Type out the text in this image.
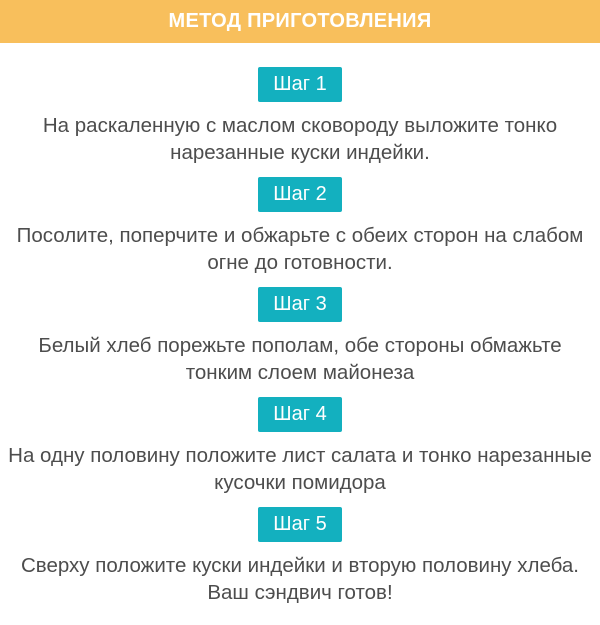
МЕТОД ПРИГОТОВЛЕНИЯ
Шаг 1
На раскаленную с маслом сковороду выложите тонко нарезанные куски индейки.
Шаг 2
Посолите, поперчите и обжарьте с обеих сторон на слабом огне до готовности.
Шаг 3
Белый хлеб порежьте пополам, обе стороны обмажьте тонким слоем майонеза
Шаг 4
На одну половину положите лист салата и тонко нарезанные кусочки помидора
Шаг 5
Сверху положите куски индейки и вторую половину хлеба. Ваш сэндвич готов!
